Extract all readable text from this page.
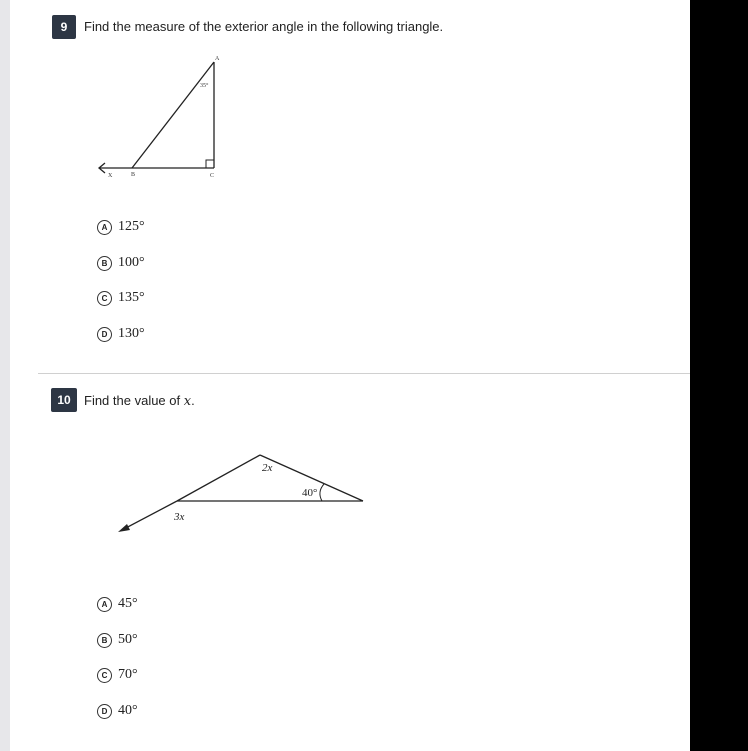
9	Find the measure of the exterior angle in the following triangle.
A
B	C
X
35°
A 125°
B 100°
C 135°
D 130°
10	Find the value of x.
2x
40°
3x
A 45°
B 50°
C 70°
D 40°
